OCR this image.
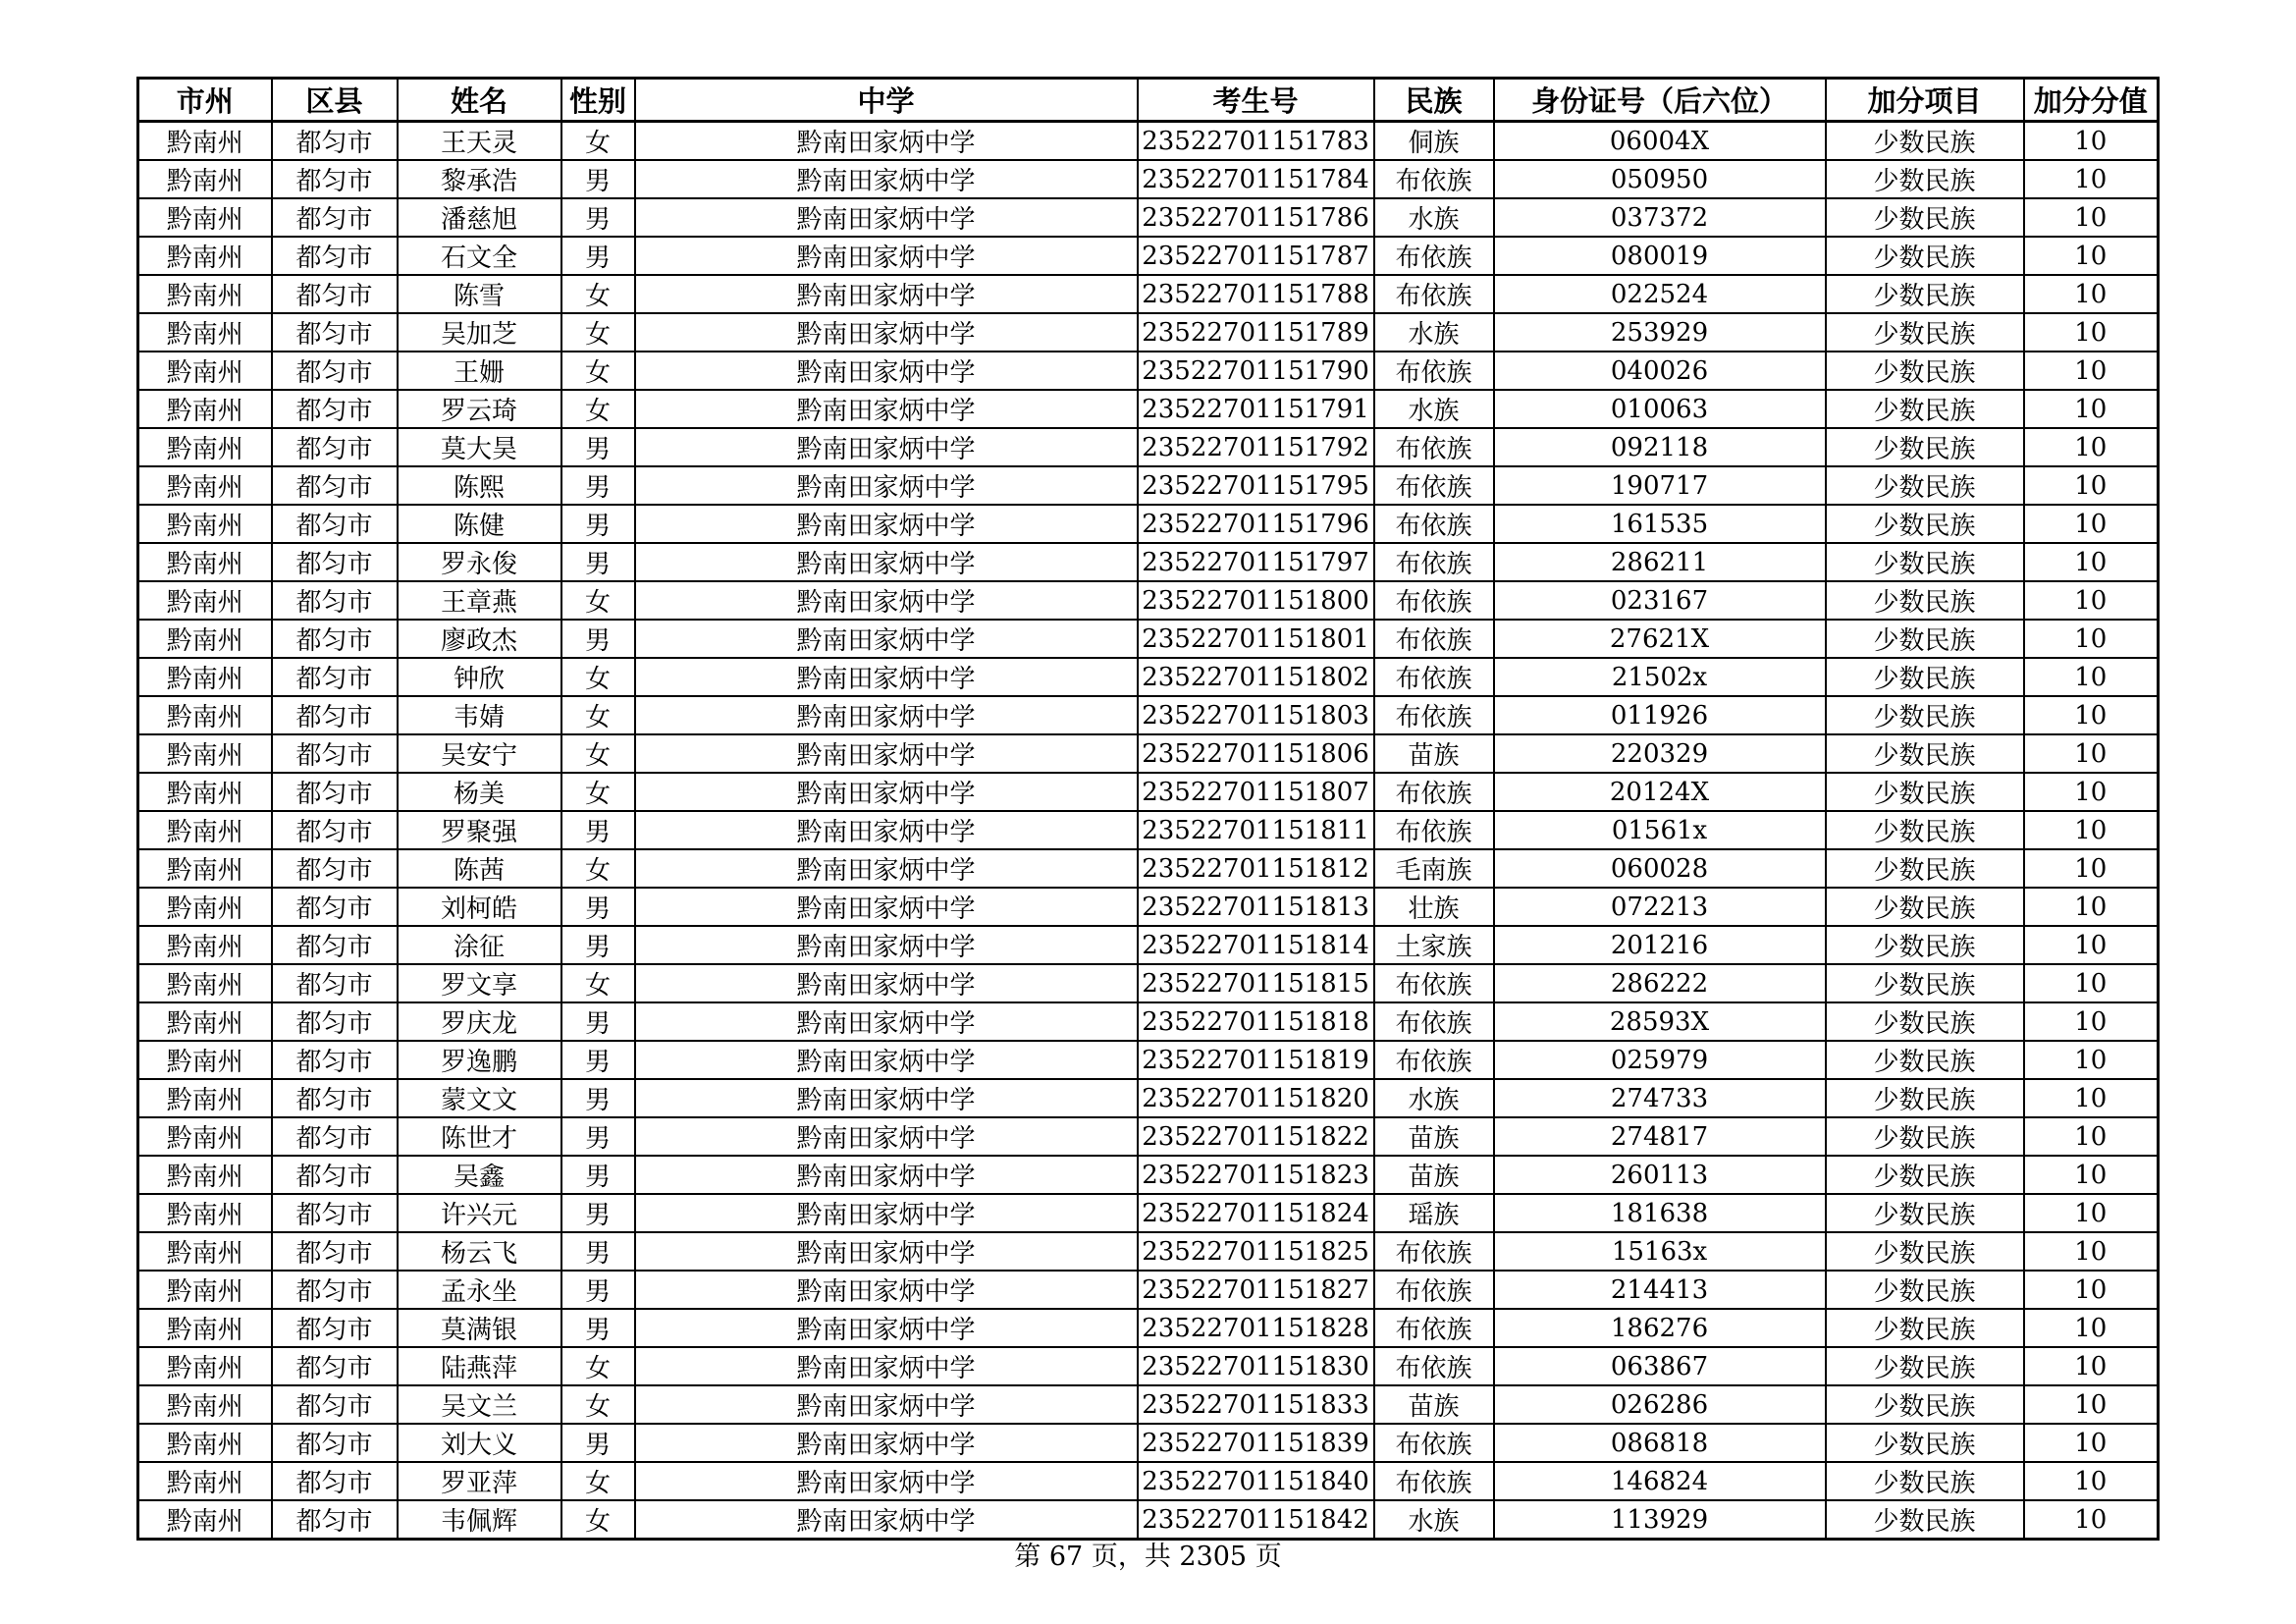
市州	区县	姓名	性别	中学	考生号	民族	身份证号（后六位）	加分项目	加分分值
黔南州	都匀市	王天灵	女	黔南田家炳中学	23522701151783	侗族	06004X	少数民族	10
黔南州	都匀市	黎承浩	男	黔南田家炳中学	23522701151784	布依族	050950	少数民族	10
黔南州	都匀市	潘慈旭	男	黔南田家炳中学	23522701151786	水族	037372	少数民族	10
黔南州	都匀市	石文全	男	黔南田家炳中学	23522701151787	布依族	080019	少数民族	10
黔南州	都匀市	陈雪	女	黔南田家炳中学	23522701151788	布依族	022524	少数民族	10
黔南州	都匀市	吴加芝	女	黔南田家炳中学	23522701151789	水族	253929	少数民族	10
黔南州	都匀市	王姗	女	黔南田家炳中学	23522701151790	布依族	040026	少数民族	10
黔南州	都匀市	罗云琦	女	黔南田家炳中学	23522701151791	水族	010063	少数民族	10
黔南州	都匀市	莫大昊	男	黔南田家炳中学	23522701151792	布依族	092118	少数民族	10
黔南州	都匀市	陈熙	男	黔南田家炳中学	23522701151795	布依族	190717	少数民族	10
黔南州	都匀市	陈健	男	黔南田家炳中学	23522701151796	布依族	161535	少数民族	10
黔南州	都匀市	罗永俊	男	黔南田家炳中学	23522701151797	布依族	286211	少数民族	10
黔南州	都匀市	王章燕	女	黔南田家炳中学	23522701151800	布依族	023167	少数民族	10
黔南州	都匀市	廖政杰	男	黔南田家炳中学	23522701151801	布依族	27621X	少数民族	10
黔南州	都匀市	钟欣	女	黔南田家炳中学	23522701151802	布依族	21502x	少数民族	10
黔南州	都匀市	韦婧	女	黔南田家炳中学	23522701151803	布依族	011926	少数民族	10
黔南州	都匀市	吴安宁	女	黔南田家炳中学	23522701151806	苗族	220329	少数民族	10
黔南州	都匀市	杨美	女	黔南田家炳中学	23522701151807	布依族	20124X	少数民族	10
黔南州	都匀市	罗聚强	男	黔南田家炳中学	23522701151811	布依族	01561x	少数民族	10
黔南州	都匀市	陈茜	女	黔南田家炳中学	23522701151812	毛南族	060028	少数民族	10
黔南州	都匀市	刘柯皓	男	黔南田家炳中学	23522701151813	壮族	072213	少数民族	10
黔南州	都匀市	涂征	男	黔南田家炳中学	23522701151814	土家族	201216	少数民族	10
黔南州	都匀市	罗文享	女	黔南田家炳中学	23522701151815	布依族	286222	少数民族	10
黔南州	都匀市	罗庆龙	男	黔南田家炳中学	23522701151818	布依族	28593X	少数民族	10
黔南州	都匀市	罗逸鹏	男	黔南田家炳中学	23522701151819	布依族	025979	少数民族	10
黔南州	都匀市	蒙文文	男	黔南田家炳中学	23522701151820	水族	274733	少数民族	10
黔南州	都匀市	陈世才	男	黔南田家炳中学	23522701151822	苗族	274817	少数民族	10
黔南州	都匀市	吴鑫	男	黔南田家炳中学	23522701151823	苗族	260113	少数民族	10
黔南州	都匀市	许兴元	男	黔南田家炳中学	23522701151824	瑶族	181638	少数民族	10
黔南州	都匀市	杨云飞	男	黔南田家炳中学	23522701151825	布依族	15163x	少数民族	10
黔南州	都匀市	孟永坐	男	黔南田家炳中学	23522701151827	布依族	214413	少数民族	10
黔南州	都匀市	莫满银	男	黔南田家炳中学	23522701151828	布依族	186276	少数民族	10
黔南州	都匀市	陆燕萍	女	黔南田家炳中学	23522701151830	布依族	063867	少数民族	10
黔南州	都匀市	吴文兰	女	黔南田家炳中学	23522701151833	苗族	026286	少数民族	10
黔南州	都匀市	刘大义	男	黔南田家炳中学	23522701151839	布依族	086818	少数民族	10
黔南州	都匀市	罗亚萍	女	黔南田家炳中学	23522701151840	布依族	146824	少数民族	10
黔南州	都匀市	韦佩辉	女	黔南田家炳中学	23522701151842	水族	113929	少数民族	10
第 67 页，共 2305 页
